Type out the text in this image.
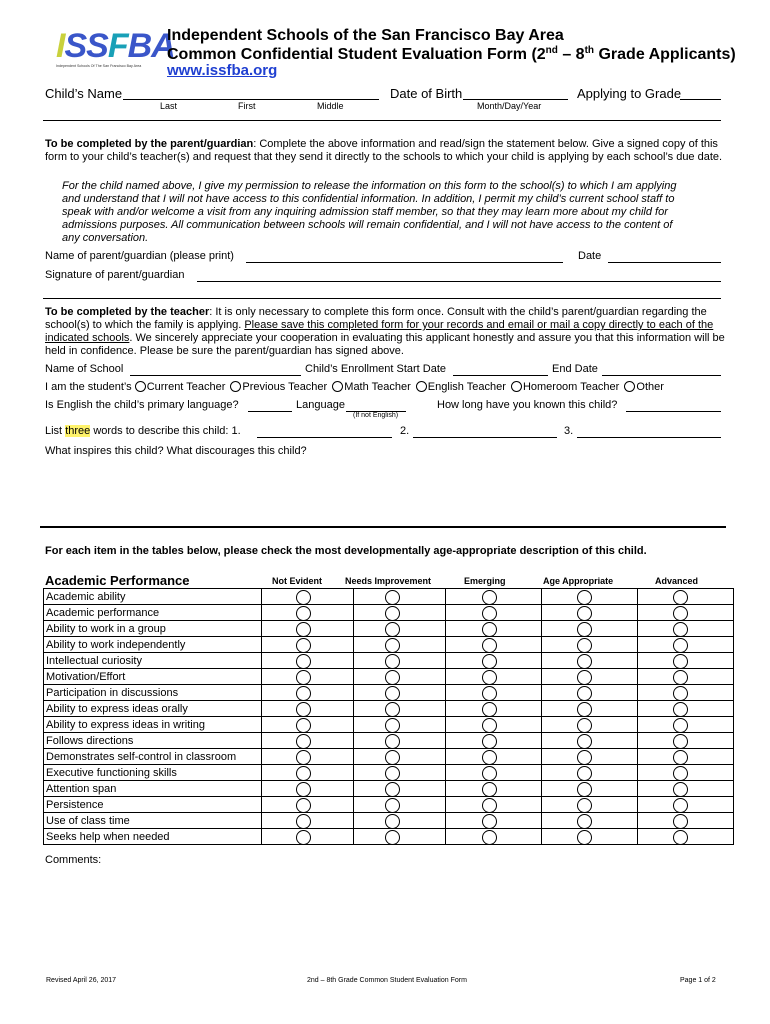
ISSFBA
Independent Schools Of The San Francisco Bay Area
Independent Schools of the San Francisco Bay Area
Common Confidential Student Evaluation Form (2nd – 8th Grade Applicants)
www.issfba.org
Child’s Name
Last	First	Middle
Date of Birth
Month/Day/Year
Applying to Grade
To be completed by the parent/guardian: Complete the above information and read/sign the statement below. Give a signed copy of this form to your child’s teacher(s) and request that they send it directly to the schools to which your child is applying by each school’s due date.
For the child named above, I give my permission to release the information on this form to the school(s) to which I am applying and understand that I will not have access to this confidential information. In addition, I permit my child’s current school staff to speak with and/or welcome a visit from any inquiring admission staff member, so that they may learn more about my child for admissions purposes. All communication between schools will remain confidential, and I will not have access to the content of any conversation.
Name of parent/guardian (please print)	Date
Signature of parent/guardian
To be completed by the teacher: It is only necessary to complete this form once. Consult with the child’s parent/guardian regarding the school(s) to which the family is applying. Please save this completed form for your records and email or mail a copy directly to each of the indicated schools. We sincerely appreciate your cooperation in evaluating this applicant honestly and assure you that this information will be held in confidence. Please be sure the parent/guardian has signed above.
Name of School	Child’s Enrollment Start Date	End Date
I am the student’s Current Teacher Previous Teacher Math Teacher English Teacher Homeroom Teacher Other
Is English the child’s primary language?	Language
(If not English)
How long have you known this child?
List three words to describe this child: 1.	2.	3.
What inspires this child? What discourages this child?
For each item in the tables below, please check the most developmentally age-appropriate description of this child.
Academic Performance	Not Evident	Needs Improvement	Emerging	Age Appropriate	Advanced
Academic ability					
Academic performance					
Ability to work in a group					
Ability to work independently					
Intellectual curiosity					
Motivation/Effort					
Participation in discussions					
Ability to express ideas orally					
Ability to express ideas in writing					
Follows directions					
Demonstrates self-control in classroom					
Executive functioning skills					
Attention span					
Persistence					
Use of class time					
Seeks help when needed					
Comments:
Revised April 26, 2017	2nd – 8th Grade Common Student Evaluation Form	Page 1 of 2
